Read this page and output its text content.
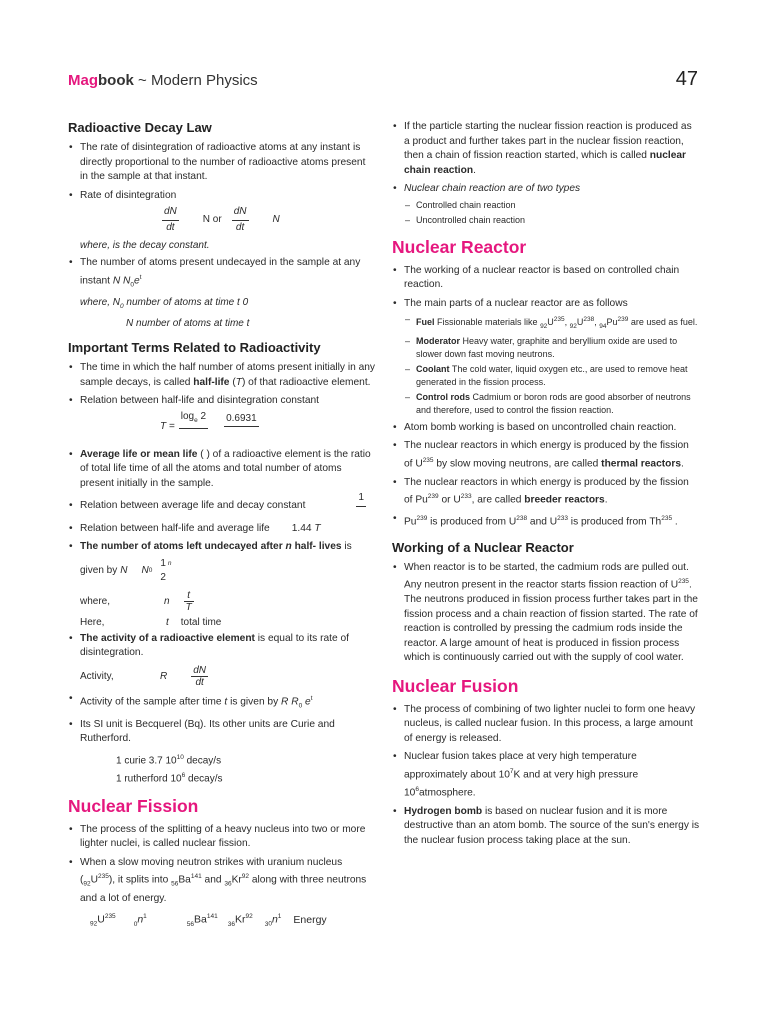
Magbook ~ Modern Physics	47
Radioactive Decay Law
• The rate of disintegration of radioactive atoms at any instant is directly proportional to the number of radioactive atoms present in the sample at that instant.
• Rate of disintegration
$\frac{dN}{dt}$ N or $\frac{dN}{dt}$ N
where, is the decay constant.
• The number of atoms present undecayed in the sample at any instant N $N_0e^t$
where, $N_0$ number of atoms at time t 0
N number of atoms at time t
Important Terms Related to Radioactivity
• The time in which the half number of atoms present initially in any sample decays, is called half-life (T) of that radioactive element.
• Relation between half-life and disintegration constant
T =
$\log_e 2$
0.6931

• Average life or mean life ( ) of a radioactive element is the ratio of total life time of all the atoms and total number of atoms present initially in the sample.
• Relation between average life and decay constant
1
• Relation between half-life and average life 1.44 T
• The number of atoms left undecayed after n half- lives is
given by N N 0
1
2
n
where,	n $\frac{t}{T}$
Here,	t total time
• The activity of a radioactive element is equal to its rate of disintegration.
Activity,	R $\frac{dN}{dt}$
• Activity of the sample after time t is given by R $R_0$ $e^t$
• Its SI unit is Becquerel (Bq). Its other units are Curie and Rutherford.
1 curie 3.7 $10^{10}$ decay/s
1 rutherford $10^6$ decay/s
Nuclear Fission
• The process of the splitting of a heavy nucleus into two or more lighter nuclei, is called nuclear fission.
• When a slow moving neutron strikes with uranium nucleus $(_{92}U^{235})$, it splits into $_{56}Ba^{141}$ and $_{36}Kr^{92}$ along with three neutrons and a lot of energy.
$_{92}U^{235}_0n^1_{56}Ba^{141}_{36}Kr^{92}_{30}n^1$ Energy
• If the particle starting the nuclear fission reaction is produced as a product and further takes part in the nuclear fission reaction, then a chain of fission reaction started, which is called nuclear chain reaction.
• Nuclear chain reaction are of two types
– Controlled chain reaction
– Uncontrolled chain reaction
Nuclear Reactor
• The working of a nuclear reactor is based on controlled chain reaction.
• The main parts of a nuclear reactor are as follows
– Fuel Fissionable materials like $_{92}U^{235}$, $_{92}U^{238}$, $_{94}Pu^{239}$ are used as fuel.
– Moderator Heavy water, graphite and beryllium oxide are used to slower down fast moving neutrons.
– Coolant The cold water, liquid oxygen etc., are used to remove heat generated in the fission process.
– Control rods Cadmium or boron rods are good absorber of neutrons and therefore, used to control the fission reaction.
• Atom bomb working is based on uncontrolled chain reaction.
• The nuclear reactors in which energy is produced by the fission of $U^{235}$ by slow moving neutrons, are called thermal reactors.
• The nuclear reactors in which energy is produced by the fission of Pu$^{239}$ or $U^{233}$, are called breeder reactors.
• Pu$^{239}$ is produced from $U^{238}$ and $U^{233}$ is produced from Th$^{235}$ .
Working of a Nuclear Reactor
• When reactor is to be started, the cadmium rods are pulled out. Any neutron present in the reactor starts fission reaction of $U^{235}$. The neutrons produced in fission process further takes part in the fission process and a chain reaction of fission started. The rate of reaction is controlled by pressing the cadmium rods inside the reactor. A large amount of heat is produced in fission process which is continuously carried out with the supply of cool water.
Nuclear Fusion
• The process of combining of two lighter nuclei to form one heavy nucleus, is called nuclear fusion. In this process, a large amount of energy is released.
• Nuclear fusion takes place at very high temperature approximately about $10^7K$ and at very high pressure $10^6atmosphere$.
• Hydrogen bomb is based on nuclear fusion and it is more destructive than an atom bomb. The source of the sun's energy is the nuclear fusion process taking place at the sun.
